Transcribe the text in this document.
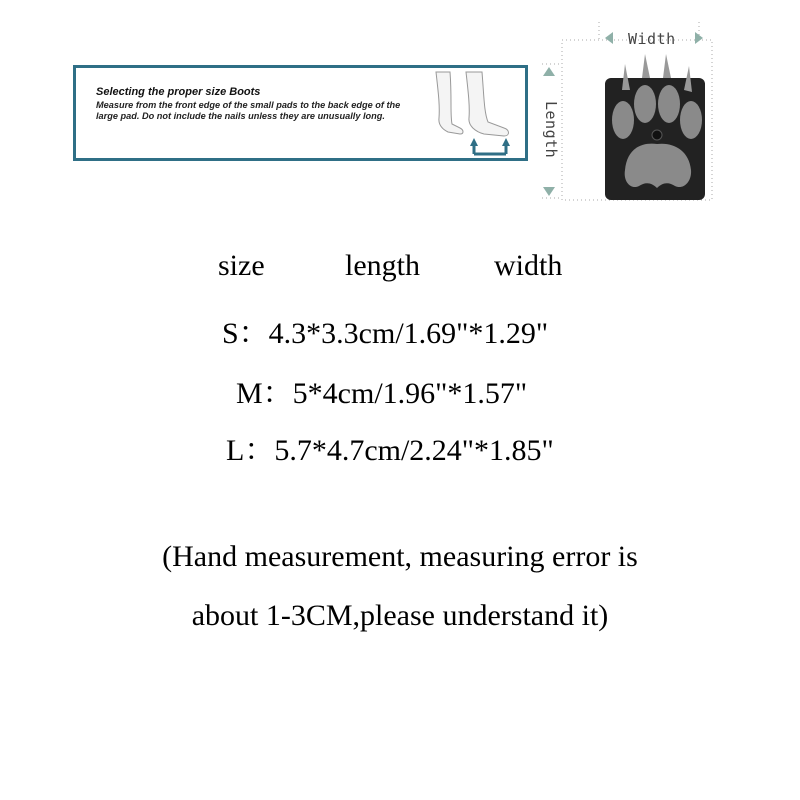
Selecting the proper size Boots
Measure from the front edge of the small pads to the back edge of the large pad. Do not include the nails unless they are unusually long.
Width
Length
size	length width
S：4.3*3.3cm/1.69"*1.29"
M：5*4cm/1.96"*1.57"
L：5.7*4.7cm/2.24"*1.85"
(Hand measurement, measuring error is
about 1-3CM,please understand it)
